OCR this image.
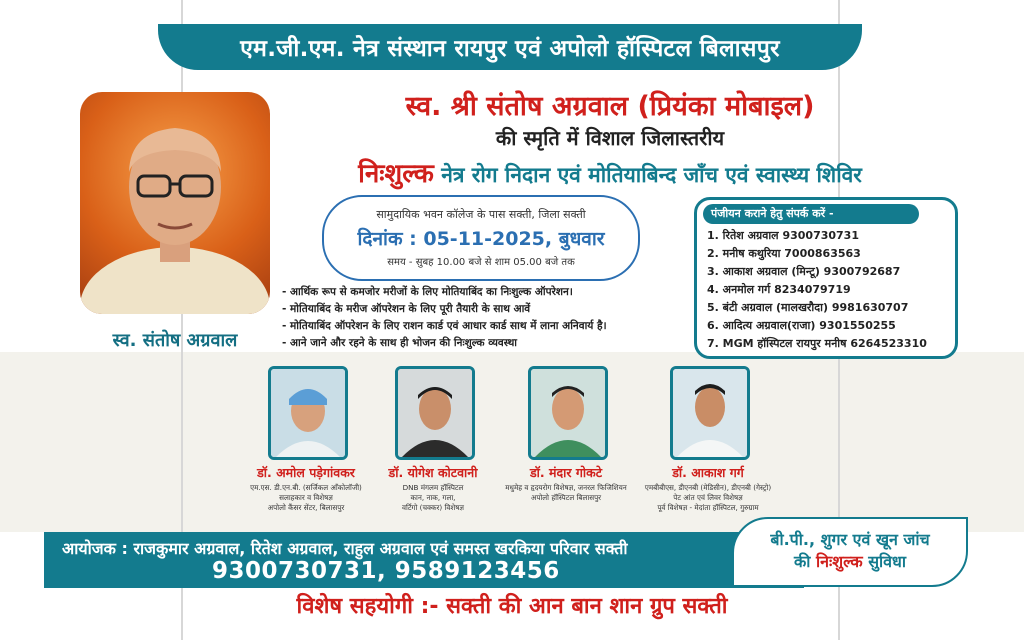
एम.जी.एम. नेत्र संस्थान रायपुर एवं अपोलो हॉस्पिटल बिलासपुर
स्व. संतोष अग्रवाल
स्व. श्री संतोष अग्रवाल (प्रियंका मोबाइल)
की स्मृति में विशाल जिलास्तरीय
निःशुल्क नेत्र रोग निदान एवं मोतियाबिन्द जाँच एवं स्वास्थ्य शिविर
सामुदायिक भवन कॉलेज के पास सक्ती, जिला सक्ती
दिनांक : 05-11-2025, बुधवार
समय - सुबह 10.00 बजे से शाम 05.00 बजे तक
- आर्थिक रूप से कमजोर मरीजों के लिए मोतियाबिंद का निःशुल्क ऑपरेशन।
- मोतियाबिंद के मरीज ऑपरेशन के लिए पूरी तैयारी के साथ आवें
- मोतियाबिंद ऑपरेशन के लिए राशन कार्ड एवं आधार कार्ड साथ में लाना अनिवार्य है।
- आने जाने और रहने के साथ ही भोजन की निःशुल्क व्यवस्था
पंजीयन कराने हेतु संपर्क करें -
1. रितेश अग्रवाल 9300730731
2. मनीष कथुरिया 7000863563
3. आकाश अग्रवाल (मिन्टू) 9300792687
4. अनमोल गर्ग 8234079719
5. बंटी अग्रवाल (मालखरौदा) 9981630707
6. आदित्य अग्रवाल(राजा) 9301550255
7. MGM हॉस्पिटल रायपुर मनीष 6264523310
डॉ. अमोल पड़ेगांवकर
एम.एस. डी.एन.बी. (सर्जिकल ऑंकोलॉजी)
सलाहकार व विशेषज्ञ
अपोलो कैंसर सेंटर, बिलासपुर
डॉ. योगेश कोटवानी
DNB मंगलम हॉस्पिटल
कान, नाक, गला,
वर्टिगो (चक्कर) विशेषज्ञ
डॉ. मंदार गोकटे
मधुमेह व हृदयरोग विशेषज्ञ, जनरल फिजिशियन
अपोलो हॉस्पिटल बिलासपुर
डॉ. आकाश गर्ग
एमबीबीएस, डीएनबी (मेडिसीन), डीएनबी (गेस्ट्रो)
पेट आंत एवं लिवर विशेषज्ञ
पूर्व विशेषज्ञ - मेदांता हॉस्पिटल, गुरुग्राम
आयोजक : राजकुमार अग्रवाल, रितेश अग्रवाल, राहुल अग्रवाल एवं समस्त खरकिया परिवार सक्ती
9300730731, 9589123456
बी.पी., शुगर एवं खून जांच
की निःशुल्क सुविधा
विशेष सहयोगी :- सक्ती की आन बान शान ग्रुप सक्ती
